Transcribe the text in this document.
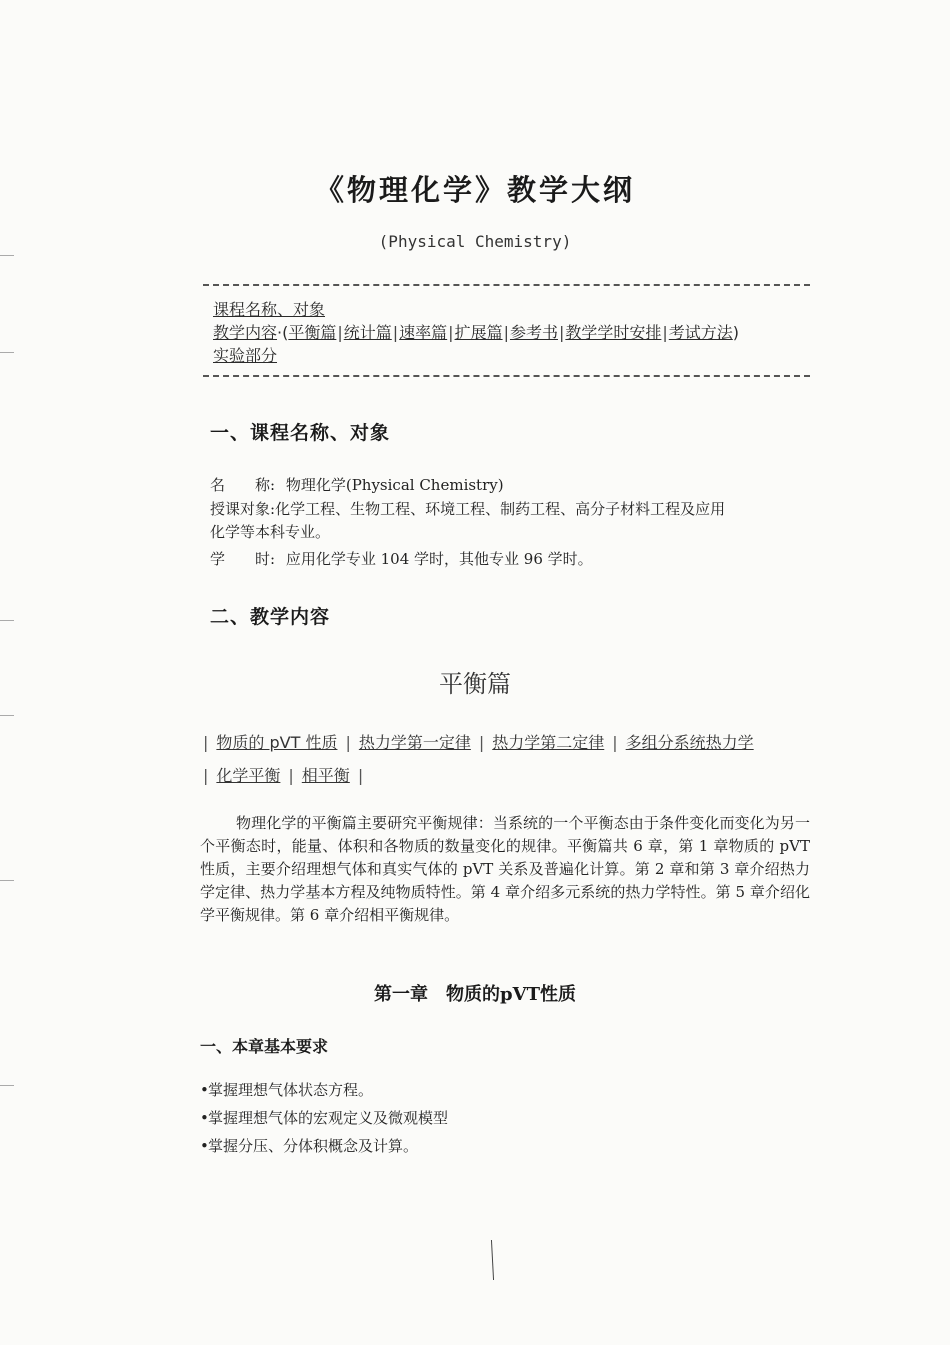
《物理化学》教学大纲
(Physical Chemistry)
课程名称、对象
教学内容·(平衡篇|统计篇|速率篇|扩展篇|参考书|教学学时安排|考试方法)
实验部分
一、课程名称、对象
名　　称: 物理化学(Physical Chemistry)
授课对象:化学工程、生物工程、环境工程、制药工程、高分子材料工程及应用
化学等本科专业。
学　　时: 应用化学专业 104 学时，其他专业 96 学时。
二、教学内容
平衡篇
| 物质的 pVT 性质 | 热力学第一定律 | 热力学第二定律 | 多组分系统热力学
| 化学平衡 | 相平衡 |
物理化学的平衡篇主要研究平衡规律：当系统的一个平衡态由于条件变化而变化为另一个平衡态时，能量、体积和各物质的数量变化的规律。平衡篇共 6 章，第 1 章物质的 pVT 性质，主要介绍理想气体和真实气体的 pVT 关系及普遍化计算。第 2 章和第 3 章介绍热力学定律、热力学基本方程及纯物质特性。第 4 章介绍多元系统的热力学特性。第 5 章介绍化学平衡规律。第 6 章介绍相平衡规律。
第一章　物质的pVT性质
一、本章基本要求
•掌握理想气体状态方程。
•掌握理想气体的宏观定义及微观模型
•掌握分压、分体积概念及计算。
